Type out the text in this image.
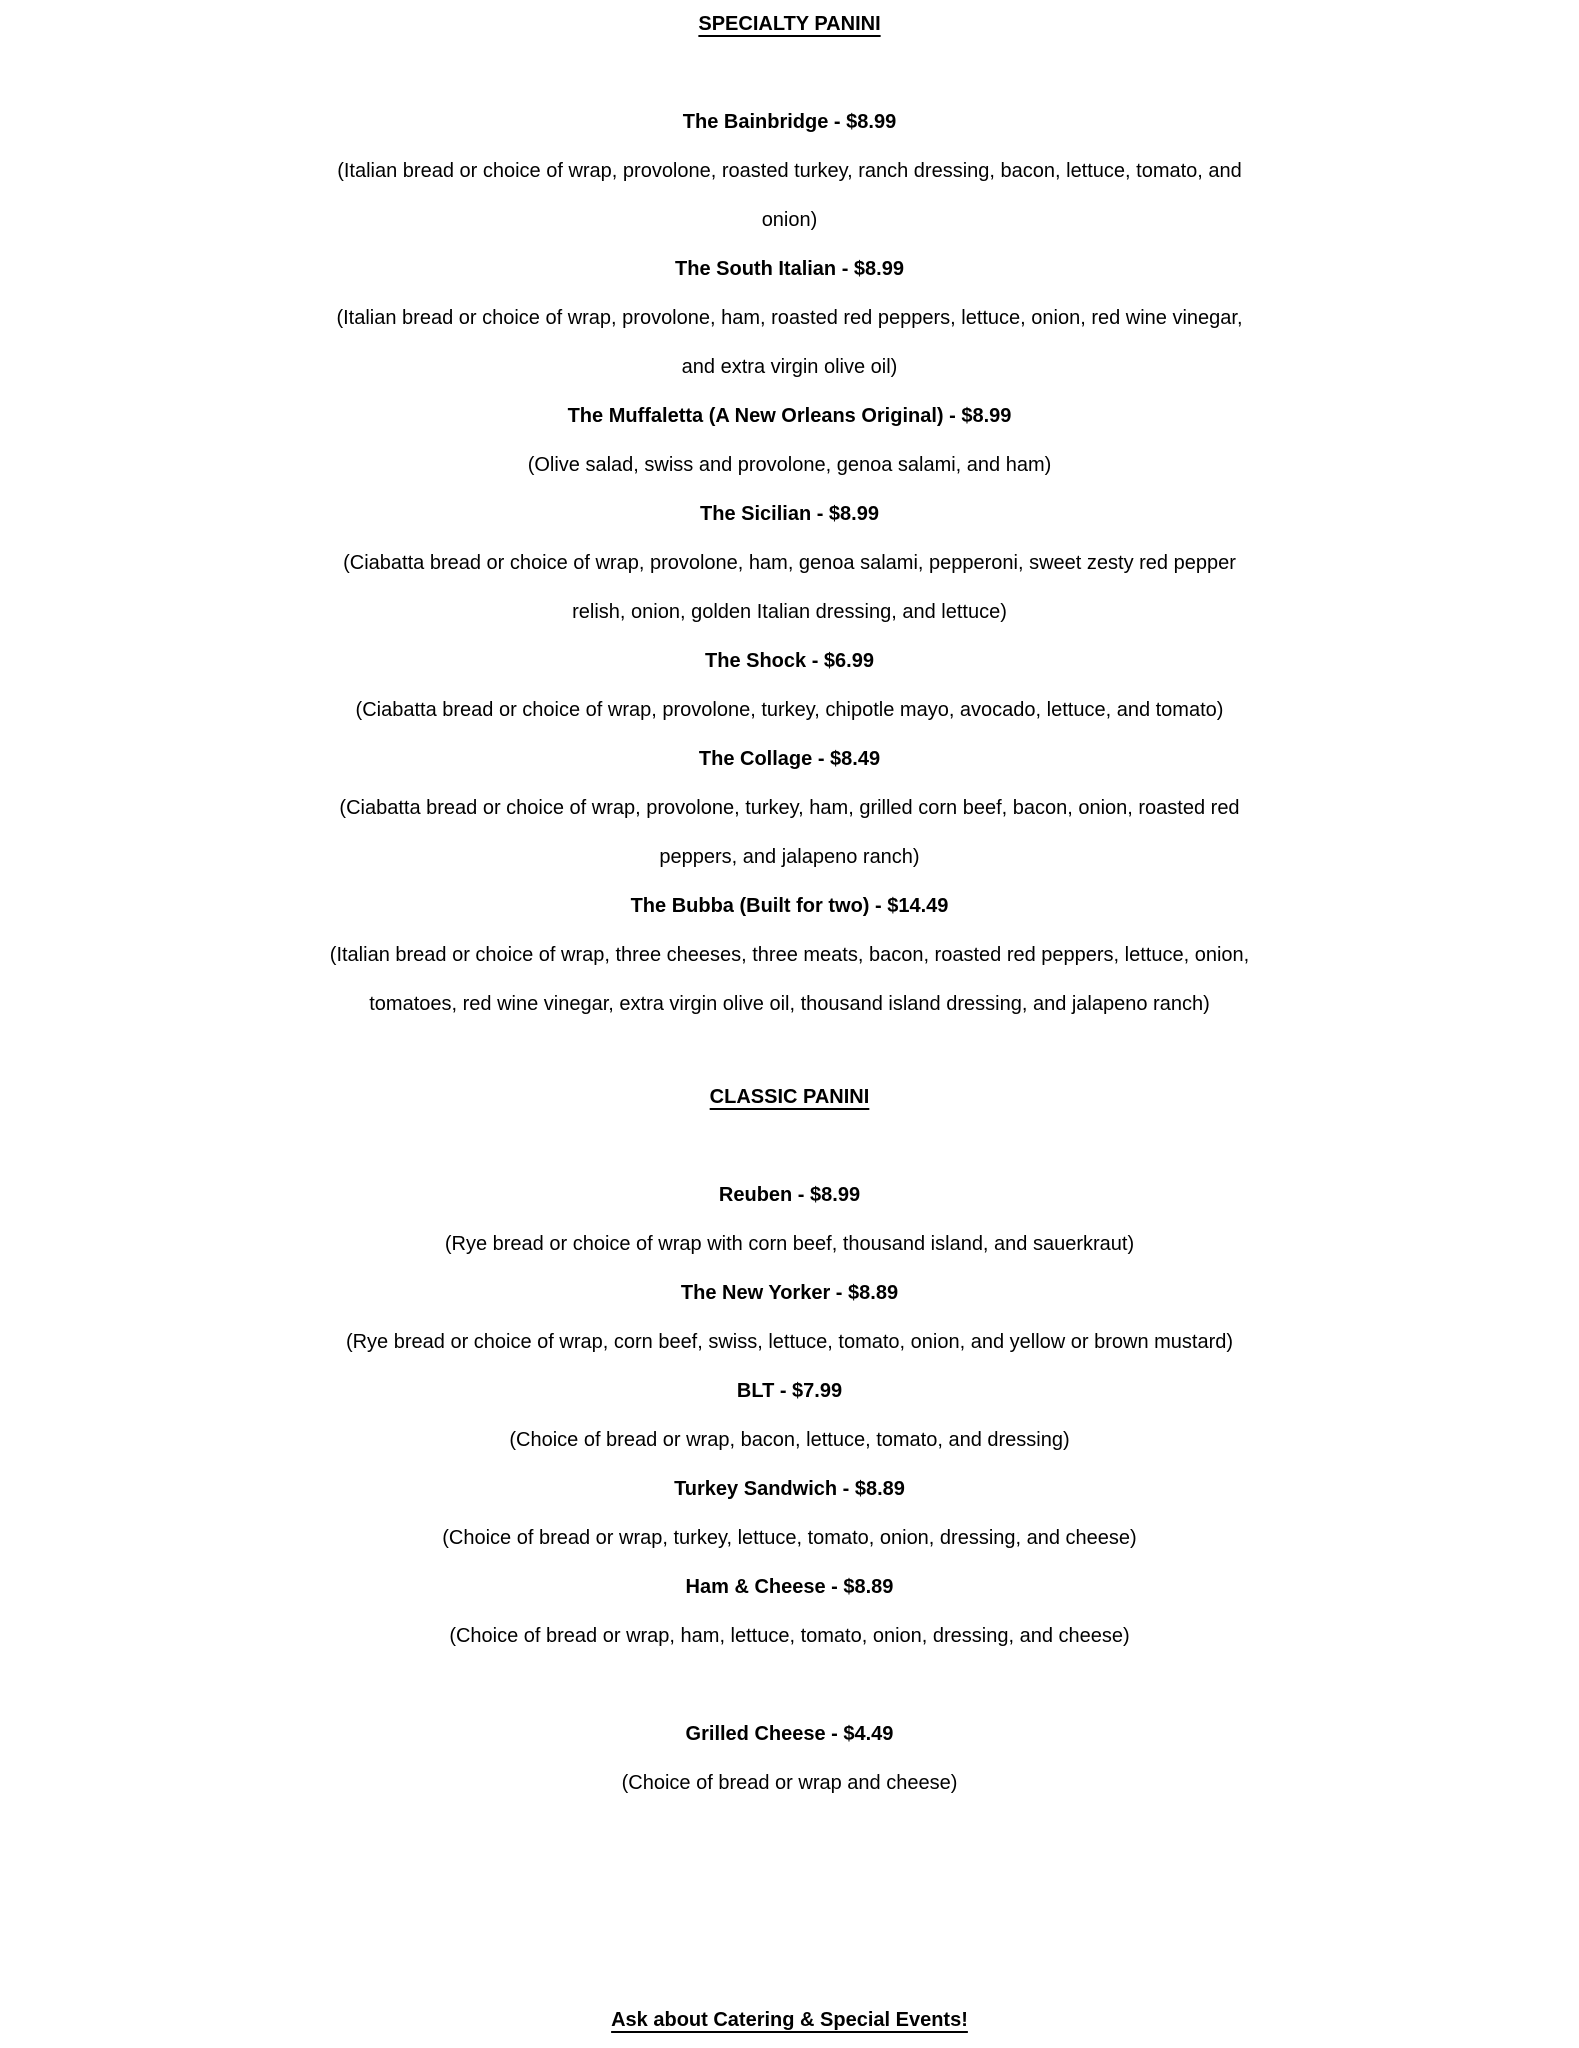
SPECIALTY PANINI
The Bainbridge - $8.99
(Italian bread or choice of wrap, provolone, roasted turkey, ranch dressing, bacon, lettuce, tomato, and
onion)
The South Italian - $8.99
(Italian bread or choice of wrap, provolone, ham, roasted red peppers, lettuce, onion, red wine vinegar,
and extra virgin olive oil)
The Muffaletta (A New Orleans Original) - $8.99
(Olive salad, swiss and provolone, genoa salami, and ham)
The Sicilian - $8.99
(Ciabatta bread or choice of wrap, provolone, ham, genoa salami, pepperoni, sweet zesty red pepper
relish, onion, golden Italian dressing, and lettuce)
The Shock - $6.99
(Ciabatta bread or choice of wrap, provolone, turkey, chipotle mayo, avocado, lettuce, and tomato)
The Collage - $8.49
(Ciabatta bread or choice of wrap, provolone, turkey, ham, grilled corn beef, bacon, onion, roasted red
peppers, and jalapeno ranch)
The Bubba (Built for two) - $14.49
(Italian bread or choice of wrap, three cheeses, three meats, bacon, roasted red peppers, lettuce, onion,
tomatoes, red wine vinegar, extra virgin olive oil, thousand island dressing, and jalapeno ranch)
CLASSIC PANINI
Reuben - $8.99
(Rye bread or choice of wrap with corn beef, thousand island, and sauerkraut)
The New Yorker - $8.89
(Rye bread or choice of wrap, corn beef, swiss, lettuce, tomato, onion, and yellow or brown mustard)
BLT - $7.99
(Choice of bread or wrap, bacon, lettuce, tomato, and dressing)
Turkey Sandwich - $8.89
(Choice of bread or wrap, turkey, lettuce, tomato, onion, dressing, and cheese)
Ham & Cheese - $8.89
(Choice of bread or wrap, ham, lettuce, tomato, onion, dressing, and cheese)
Grilled Cheese - $4.49
(Choice of bread or wrap and cheese)
Ask about Catering & Special Events!
